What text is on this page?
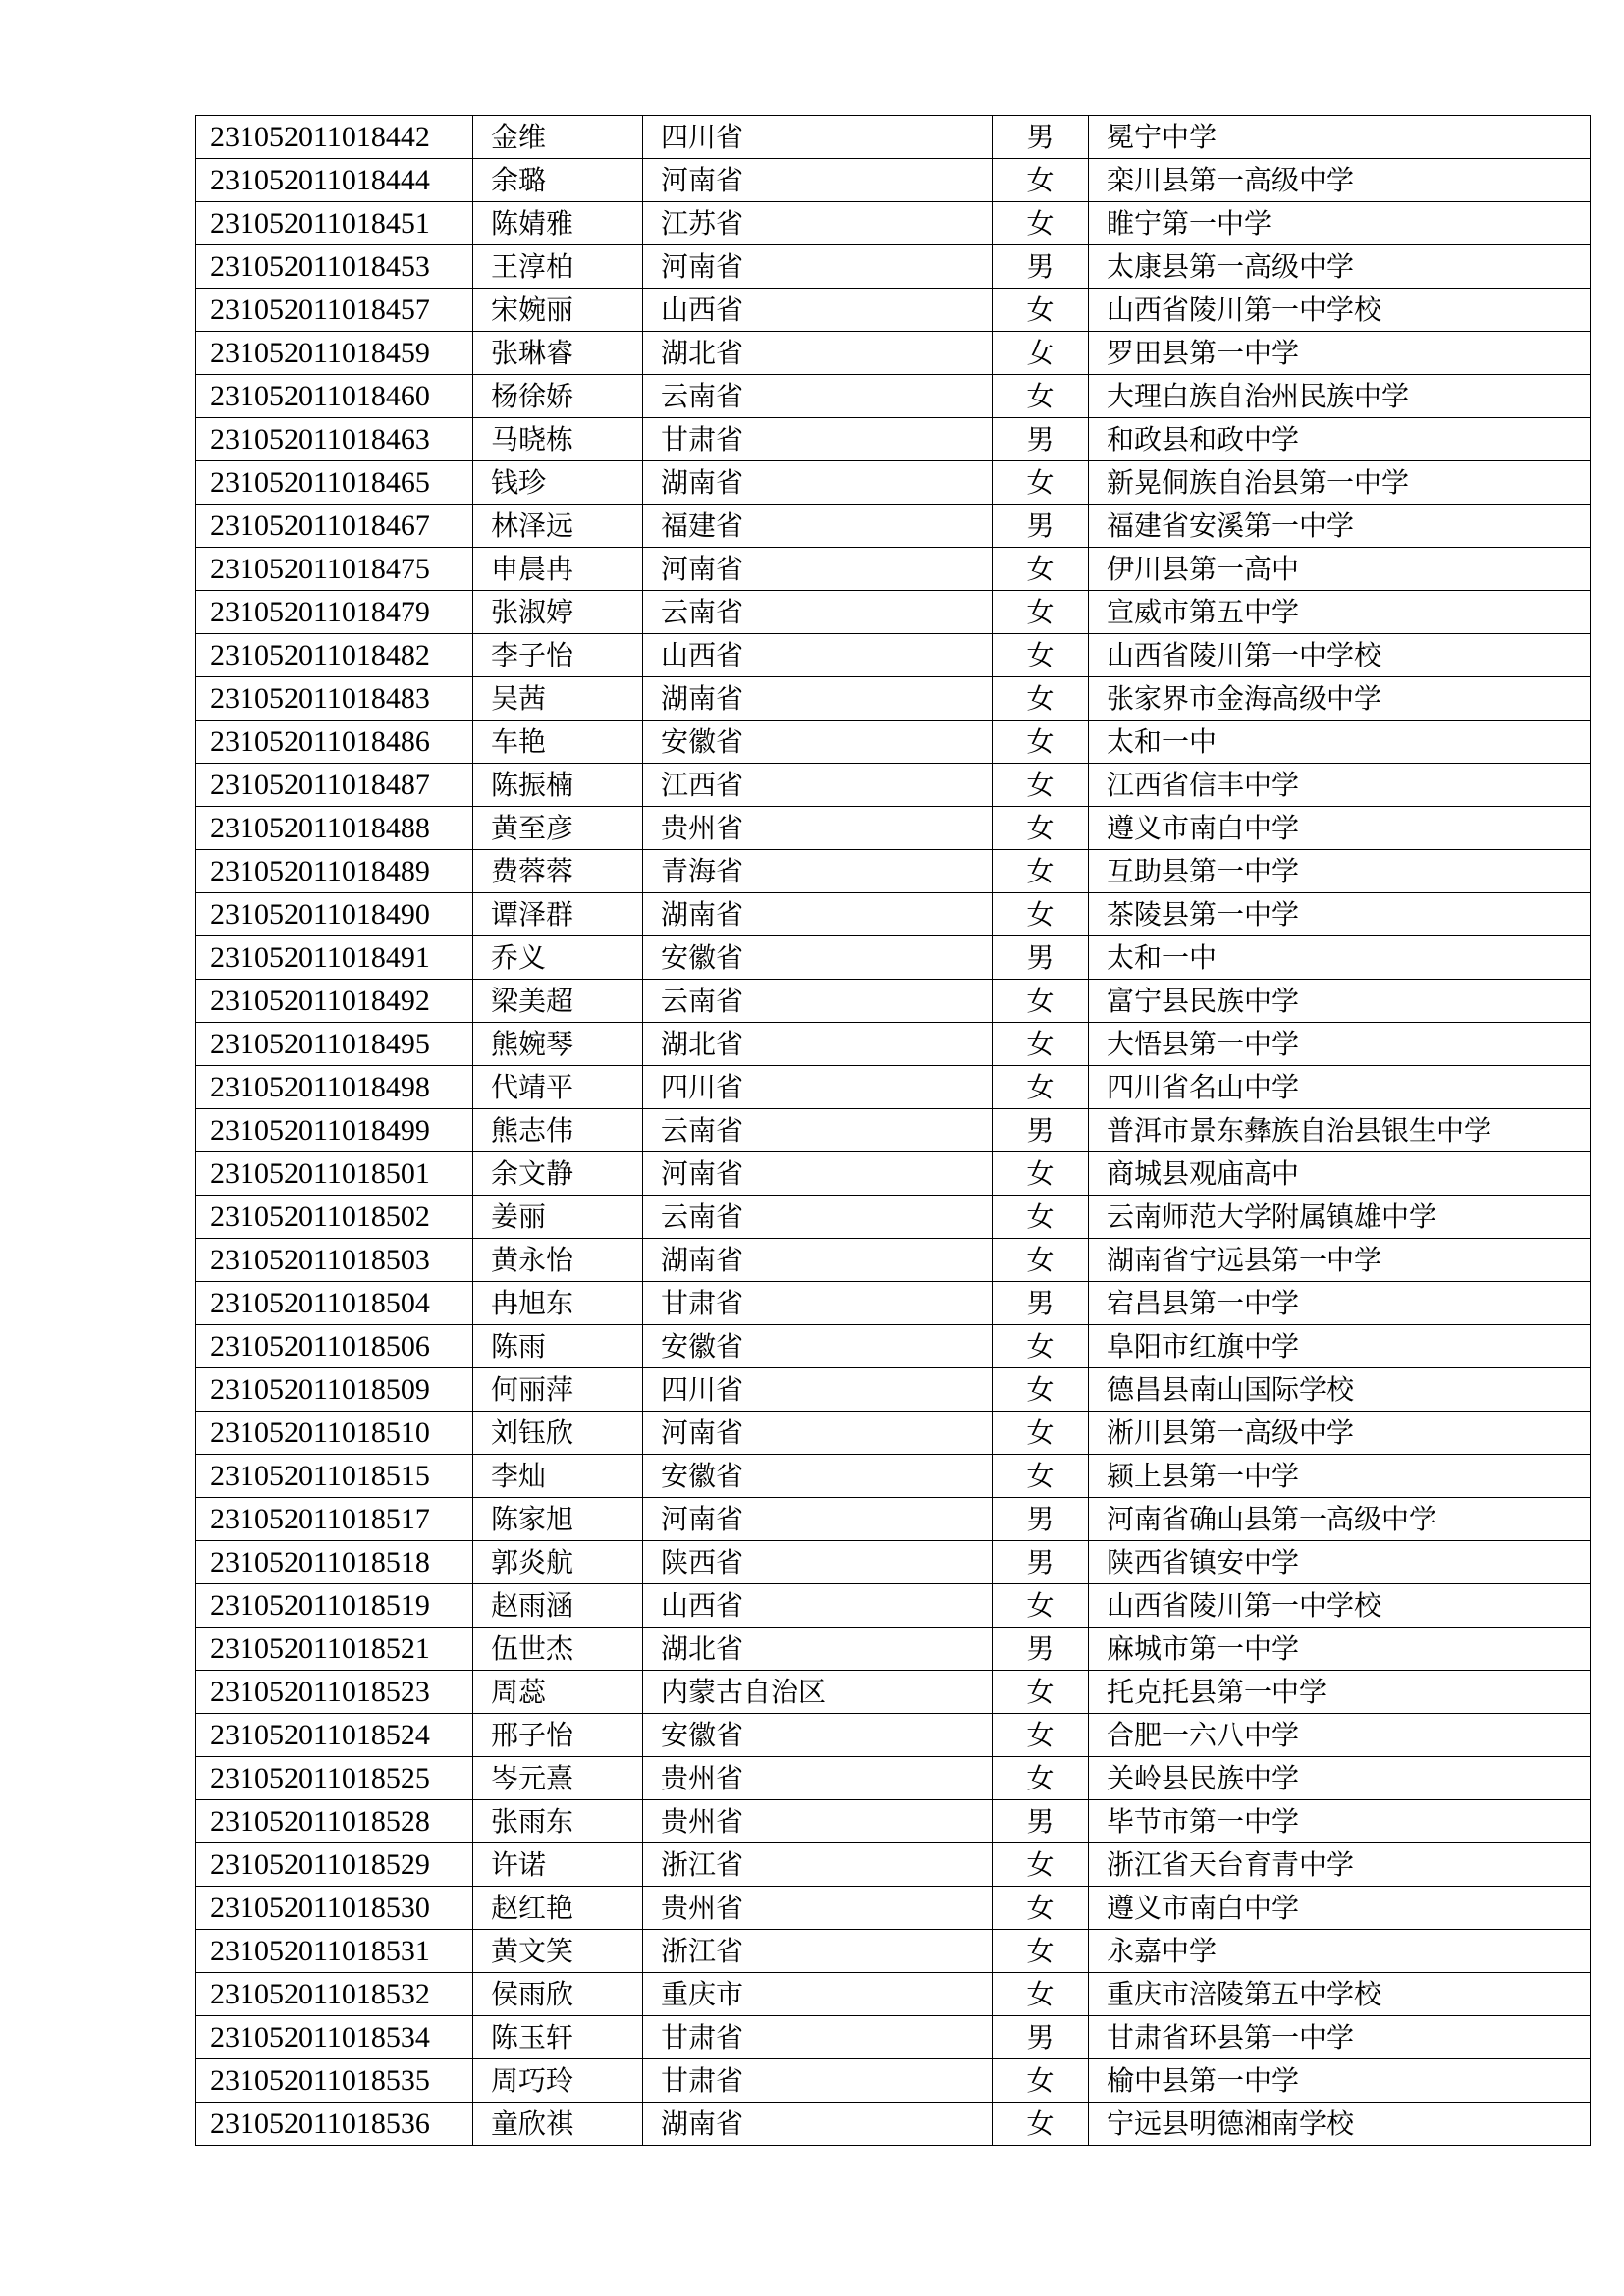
231052011018442	金维	四川省	男	冕宁中学
231052011018444	余璐	河南省	女	栾川县第一高级中学
231052011018451	陈婧雅	江苏省	女	睢宁第一中学
231052011018453	王淳柏	河南省	男	太康县第一高级中学
231052011018457	宋婉丽	山西省	女	山西省陵川第一中学校
231052011018459	张琳睿	湖北省	女	罗田县第一中学
231052011018460	杨徐娇	云南省	女	大理白族自治州民族中学
231052011018463	马晓栋	甘肃省	男	和政县和政中学
231052011018465	钱珍	湖南省	女	新晃侗族自治县第一中学
231052011018467	林泽远	福建省	男	福建省安溪第一中学
231052011018475	申晨冉	河南省	女	伊川县第一高中
231052011018479	张淑婷	云南省	女	宣威市第五中学
231052011018482	李子怡	山西省	女	山西省陵川第一中学校
231052011018483	吴茜	湖南省	女	张家界市金海高级中学
231052011018486	车艳	安徽省	女	太和一中
231052011018487	陈振楠	江西省	女	江西省信丰中学
231052011018488	黄至彦	贵州省	女	遵义市南白中学
231052011018489	费蓉蓉	青海省	女	互助县第一中学
231052011018490	谭泽群	湖南省	女	茶陵县第一中学
231052011018491	乔义	安徽省	男	太和一中
231052011018492	梁美超	云南省	女	富宁县民族中学
231052011018495	熊婉琴	湖北省	女	大悟县第一中学
231052011018498	代靖平	四川省	女	四川省名山中学
231052011018499	熊志伟	云南省	男	普洱市景东彝族自治县银生中学
231052011018501	余文静	河南省	女	商城县观庙高中
231052011018502	姜丽	云南省	女	云南师范大学附属镇雄中学
231052011018503	黄永怡	湖南省	女	湖南省宁远县第一中学
231052011018504	冉旭东	甘肃省	男	宕昌县第一中学
231052011018506	陈雨	安徽省	女	阜阳市红旗中学
231052011018509	何丽萍	四川省	女	德昌县南山国际学校
231052011018510	刘钰欣	河南省	女	淅川县第一高级中学
231052011018515	李灿	安徽省	女	颍上县第一中学
231052011018517	陈家旭	河南省	男	河南省确山县第一高级中学
231052011018518	郭炎航	陕西省	男	陕西省镇安中学
231052011018519	赵雨涵	山西省	女	山西省陵川第一中学校
231052011018521	伍世杰	湖北省	男	麻城市第一中学
231052011018523	周蕊	内蒙古自治区	女	托克托县第一中学
231052011018524	邢子怡	安徽省	女	合肥一六八中学
231052011018525	岑元熹	贵州省	女	关岭县民族中学
231052011018528	张雨东	贵州省	男	毕节市第一中学
231052011018529	许诺	浙江省	女	浙江省天台育青中学
231052011018530	赵红艳	贵州省	女	遵义市南白中学
231052011018531	黄文笑	浙江省	女	永嘉中学
231052011018532	侯雨欣	重庆市	女	重庆市涪陵第五中学校
231052011018534	陈玉轩	甘肃省	男	甘肃省环县第一中学
231052011018535	周巧玲	甘肃省	女	榆中县第一中学
231052011018536	童欣祺	湖南省	女	宁远县明德湘南学校
